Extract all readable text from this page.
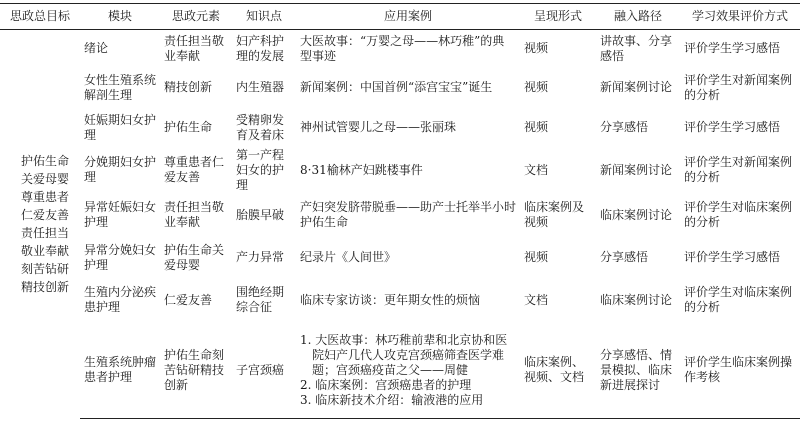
思政总目标	模块	思政元素	知识点	应用案例	呈现形式	融入路径	学习效果评价方式
护佑生命关爱母婴尊重患者仁爱友善责任担当敬业奉献刻苦钻研精技创新	绪论	责任担当敬业奉献	妇产科护理的发展	大医故事：“万婴之母——林巧稚”的典型事迹	视频	讲故事、分享感悟	评价学生学习感悟
	女性生殖系统解剖生理	精技创新	内生殖器	新闻案例：中国首例“添宫宝宝”诞生	视频	新闻案例讨论	评价学生对新闻案例的分析
	妊娠期妇女护理	护佑生命	受精卵发育及着床	神州试管婴儿之母——张丽珠	视频	分享感悟	评价学生学习感悟
	分娩期妇女护理	尊重患者仁爱友善	第一产程妇女的护理	8·31榆林产妇跳楼事件	文档	新闻案例讨论	评价学生对新闻案例的分析
	异常妊娠妇女护理	责任担当敬业奉献	胎膜早破	产妇突发脐带脱垂——助产士托举半小时护佑生命	临床案例及视频	临床案例讨论	评价学生对临床案例的分析
	异常分娩妇女护理	护佑生命关爱母婴	产力异常	纪录片《人间世》	视频	分享感悟	评价学生学习感悟
	生殖内分泌疾患护理	仁爱友善	围绝经期综合征	临床专家访谈：更年期女性的烦恼	文档	临床案例讨论	评价学生对临床案例的分析
	生殖系统肿瘤患者护理	护佑生命刻苦钻研精技创新	子宫颈癌	1. 大医故事：林巧稚前辈和北京协和医院妇产几代人攻克宫颈癌筛查医学难题；宫颈癌疫苗之父——周健
2. 临床案例：宫颈癌患者的护理
3. 临床新技术介绍：输液港的应用	临床案例、视频、文档	分享感悟、情景模拟、临床新进展探讨	评价学生临床案例操作考核
